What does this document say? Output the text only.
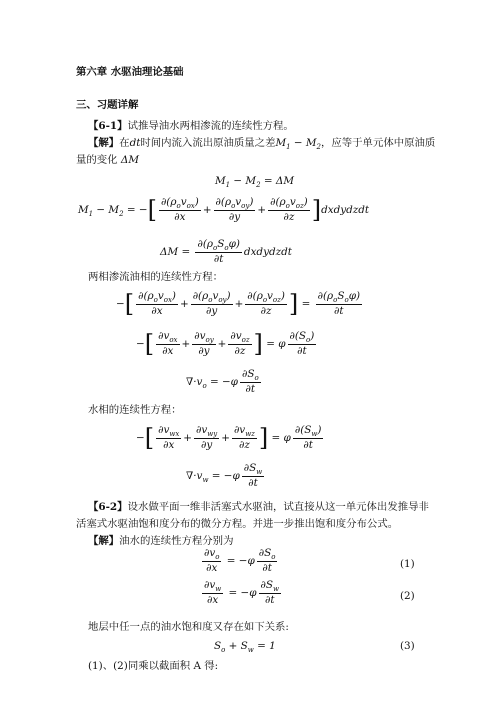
第六章 水驱油理论基础
三、习题详解
【6-1】试推导油水两相渗流的连续性方程。
【解】在dt时间内流入流出原油质量之差$M_1 - M_2$，应等于单元体中原油质
量的变化 ΔM
$M_1 - M_2 = \Delta M$
$M_1 - M_2$ = −[ $\frac{\partial(\rho_ov_{ox})}{\partial x} + \frac{\partial(\rho_ov_{oy})}{\partial y} + \frac{\partial(\rho_ov_{oz})}{\partial z}$ ]dxdydzdt
$\Delta M = \frac{\partial(\rho_oS_o\varphi)}{\partial t}$ dxdydzdt
两相渗流油相的连续性方程：
−[ $\frac{\partial(\rho_ov_{ox})}{\partial x} + \frac{\partial(\rho_ov_{oy})}{\partial y} + \frac{\partial(\rho_ov_{oz})}{\partial z}$ ] = $\frac{\partial(\rho_oS_o\varphi)}{\partial t}$
−[ $\frac{\partial v_{ox}}{\partial x} + \frac{\partial v_{oy}}{\partial y} + \frac{\partial v_{oz}}{\partial z}$ ] = φ $\frac{\partial(S_o)}{\partial t}$
$\nabla\cdot v_o = -\varphi \frac{\partial S_o}{\partial t}$
水相的连续性方程：
−[ $\frac{\partial v_{wx}}{\partial x} + \frac{\partial v_{wy}}{\partial y} + \frac{\partial v_{wz}}{\partial z}$ ] = φ $\frac{\partial(S_w)}{\partial t}$
$\nabla\cdot v_w = -\varphi \frac{\partial S_w}{\partial t}$
【6-2】设水做平面一维非活塞式水驱油，试直接从这一单元体出发推导非
活塞式水驱油饱和度分布的微分方程。并进一步推出饱和度分布公式。
【解】油水的连续性方程分别为
$\frac{\partial v_o}{\partial x} = -\varphi \frac{\partial S_o}{\partial t}$	(1)
$\frac{\partial v_w}{\partial x} = -\varphi \frac{\partial S_w}{\partial t}$	(2)
地层中任一点的油水饱和度又存在如下关系:
$S_o + S_w = 1$	(3)
(1)、(2)同乘以截面积 A 得:
